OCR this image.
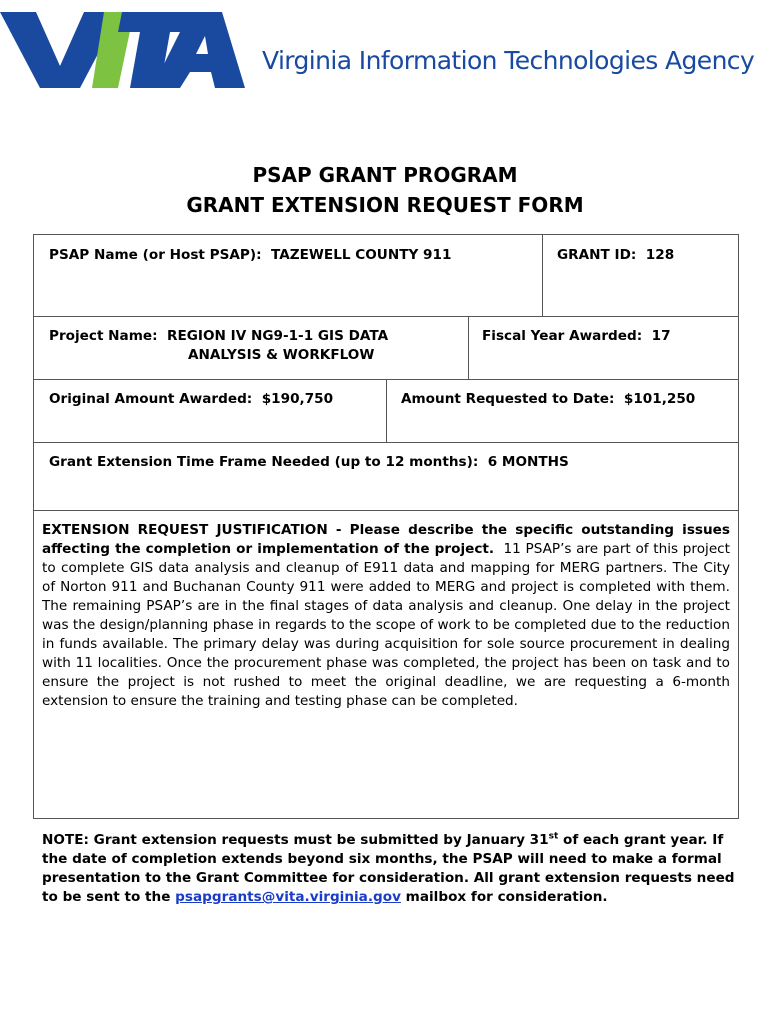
Virginia Information Technologies Agency
PSAP GRANT PROGRAM
GRANT EXTENSION REQUEST FORM
PSAP Name (or Host PSAP): TAZEWELL COUNTY 911	GRANT ID: 128
Project Name: REGION IV NG9-1-1 GIS DATA
ANALYSIS & WORKFLOW
Fiscal Year Awarded: 17
Original Amount Awarded: $190,750	Amount Requested to Date: $101,250
Grant Extension Time Frame Needed (up to 12 months): 6 MONTHS
EXTENSION REQUEST JUSTIFICATION - Please describe the specific outstanding issues affecting the completion or implementation of the project. 11 PSAP’s are part of this project to complete GIS data analysis and cleanup of E911 data and mapping for MERG partners. The City of Norton 911 and Buchanan County 911 were added to MERG and project is completed with them. The remaining PSAP’s are in the final stages of data analysis and cleanup. One delay in the project was the design/planning phase in regards to the scope of work to be completed due to the reduction in funds available. The primary delay was during acquisition for sole source procurement in dealing with 11 localities. Once the procurement phase was completed, the project has been on task and to ensure the project is not rushed to meet the original deadline, we are requesting a 6-month extension to ensure the training and testing phase can be completed.
NOTE: Grant extension requests must be submitted by January 31st of each grant year. If the date of completion extends beyond six months, the PSAP will need to make a formal presentation to the Grant Committee for consideration. All grant extension requests need to be sent to the psapgrants@vita.virginia.gov mailbox for consideration.
